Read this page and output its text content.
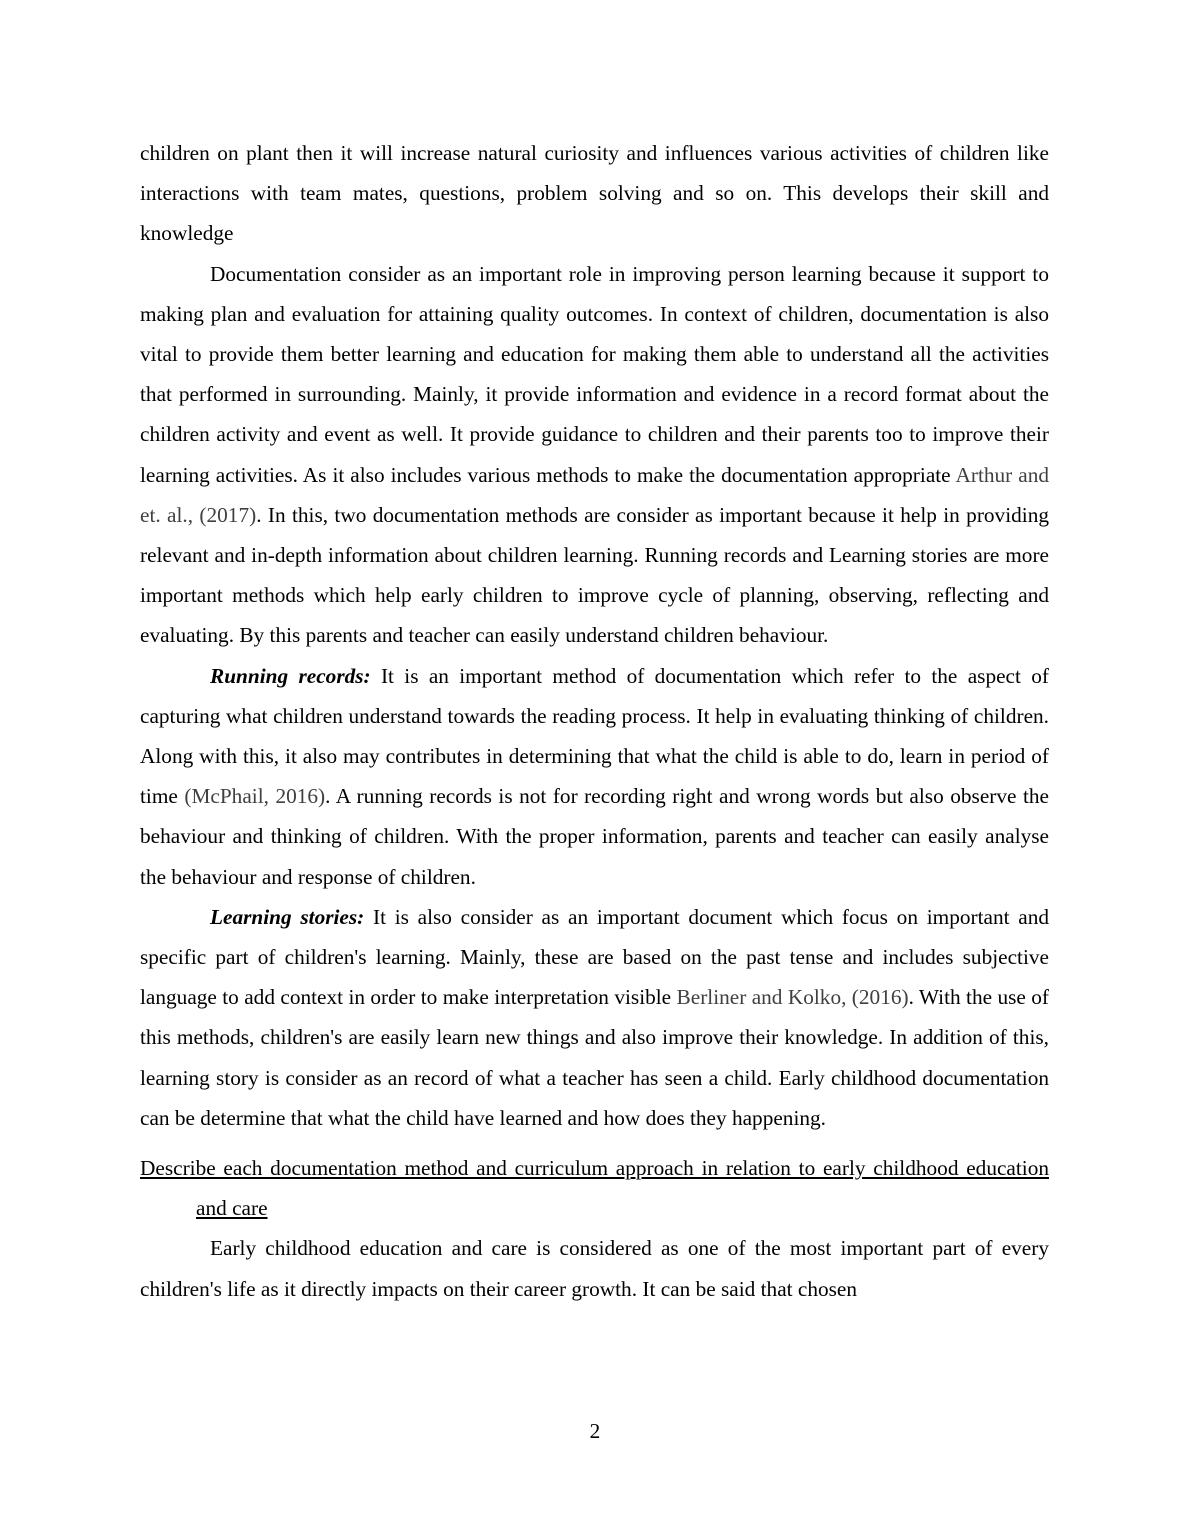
children on plant then it will increase natural curiosity and influences various activities of children like interactions with team mates, questions, problem solving and so on. This develops their skill and knowledge

Documentation consider as an important role in improving person learning because it support to making plan and evaluation for attaining quality outcomes. In context of children, documentation is also vital to provide them better learning and education for making them able to understand all the activities that performed in surrounding. Mainly, it provide information and evidence in a record format about the children activity and event as well. It provide guidance to children and their parents too to improve their learning activities. As it also includes various methods to make the documentation appropriate Arthur and et. al., (2017). In this, two documentation methods are consider as important because it help in providing relevant and in-depth information about children learning. Running records and Learning stories are more important methods which help early children to improve cycle of planning, observing, reflecting and evaluating. By this parents and teacher can easily understand children behaviour.

Running records: It is an important method of documentation which refer to the aspect of capturing what children understand towards the reading process. It help in evaluating thinking of children. Along with this, it also may contributes in determining that what the child is able to do, learn in period of time (McPhail, 2016). A running records is not for recording right and wrong words but also observe the behaviour and thinking of children. With the proper information, parents and teacher can easily analyse the behaviour and response of children.

Learning stories: It is also consider as an important document which focus on important and specific part of children's learning. Mainly, these are based on the past tense and includes subjective language to add context in order to make interpretation visible Berliner and Kolko, (2016). With the use of this methods, children's are easily learn new things and also improve their knowledge. In addition of this, learning story is consider as an record of what a teacher has seen a child. Early childhood documentation can be determine that what the child have learned and how does they happening.

Describe each documentation method and curriculum approach in relation to early childhood education and care

Early childhood education and care is considered as one of the most important part of every children's life as it directly impacts on their career growth. It can be said that chosen

2
